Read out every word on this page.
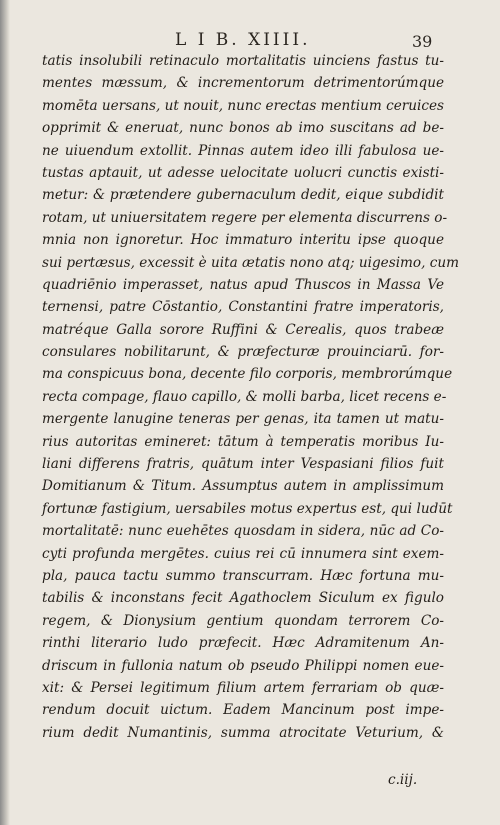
L I B. XIIII.	39
tatis insolubili retinaculo mortalitatis uinciens fastus tu-
mentes mæssum, & incrementorum detrimentorúmque
momēta uersans, ut nouit, nunc erectas mentium ceruices
opprimit & eneruat, nunc bonos ab imo suscitans ad be-
ne uiuendum extollit. Pinnas autem ideo illi fabulosa ue-
tustas aptauit, ut adesse uelocitate uolucri cunctis existi-
metur: & prætendere gubernaculum dedit, eique subdidit
rotam, ut uniuersitatem regere per elementa discurrens o-
mnia non ignoretur. Hoc immaturo interitu ipse quoque
sui pertæsus, excessit è uita ætatis nono atq; uigesimo, cum
quadriēnio imperasset, natus apud Thuscos in Massa Ve
ternensi, patre Cōstantio, Constantini fratre imperatoris,
matréque Galla sorore Ruffini & Cerealis, quos trabeæ
consulares nobilitarunt, & præfecturæ prouinciarū. for-
ma conspicuus bona, decente filo corporis, membrorúmque
recta compage, flauo capillo, & molli barba, licet recens e-
mergente lanugine teneras per genas, ita tamen ut matu-
rius autoritas emineret: tātum à temperatis moribus Iu-
liani differens fratris, quātum inter Vespasiani filios fuit
Domitianum & Titum. Assumptus autem in amplissimum
fortunæ fastigium, uersabiles motus expertus est, qui ludūt
mortalitatē: nunc euehētes quosdam in sidera, nūc ad Co-
cyti profunda mergētes. cuius rei cū innumera sint exem-
pla, pauca tactu summo transcurram. Hæc fortuna mu-
tabilis & inconstans fecit Agathoclem Siculum ex figulo
regem, & Dionysium gentium quondam terrorem Co-
rinthi literario ludo præfecit. Hæc Adramitenum An-
driscum in fullonia natum ob pseudo Philippi nomen eue-
xit: & Persei legitimum filium artem ferrariam ob quæ-
rendum docuit uictum. Eadem Mancinum post impe-
rium dedit Numantinis, summa atrocitate Veturium, &
c.iij.
